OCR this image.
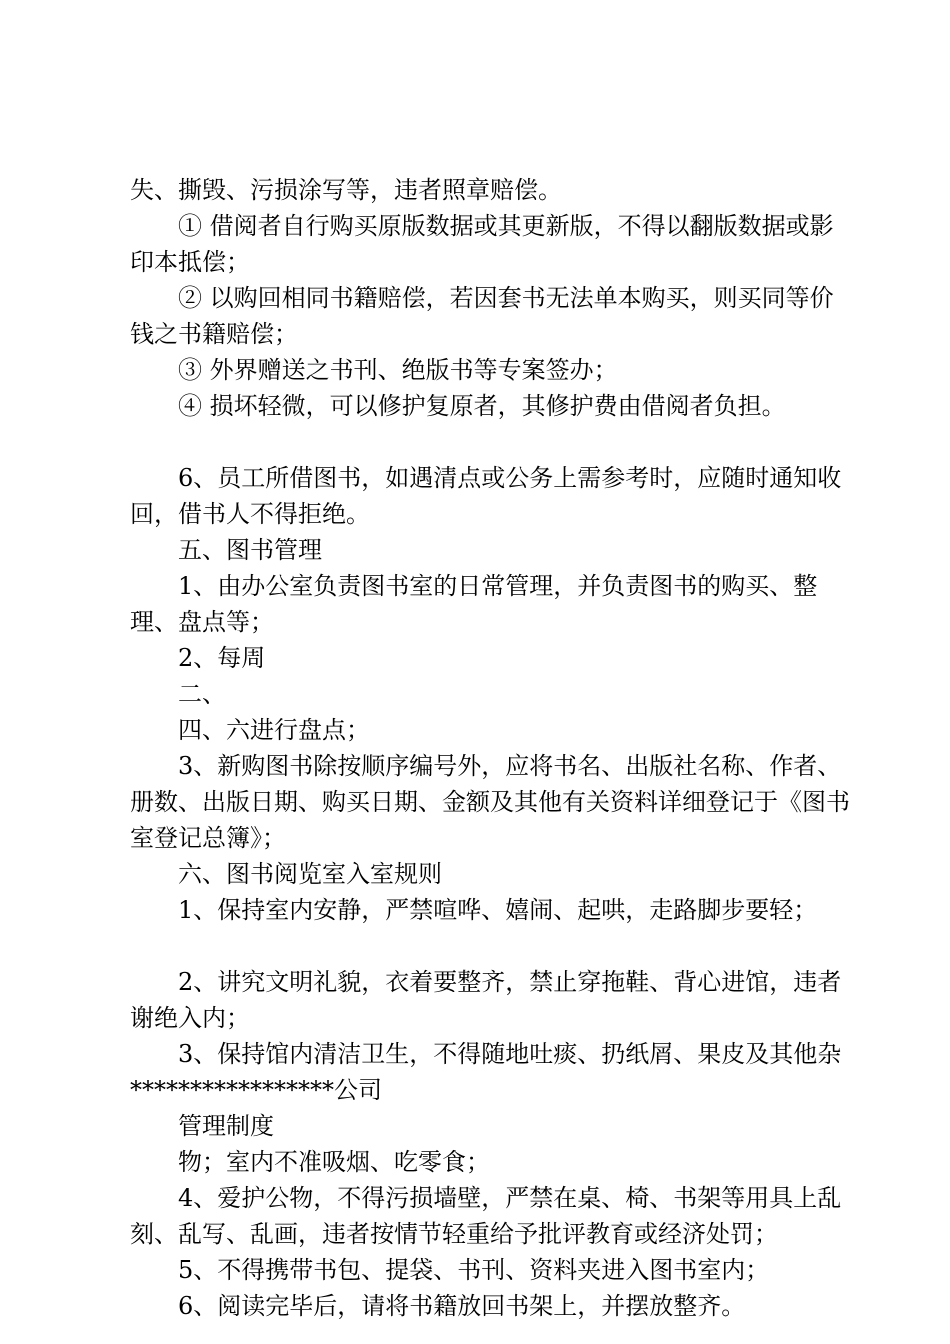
失、撕毁、污损涂写等，违者照章赔偿。

① 借阅者自行购买原版数据或其更新版，不得以翻版数据或影印本抵偿；

② 以购回相同书籍赔偿，若因套书无法单本购买，则买同等价钱之书籍赔偿；

③ 外界赠送之书刊、绝版书等专案签办；

④ 损坏轻微，可以修护复原者，其修护费由借阅者负担。

6、员工所借图书，如遇清点或公务上需参考时，应随时通知收回，借书人不得拒绝。

五、图书管理

1、由办公室负责图书室的日常管理，并负责图书的购买、整理、盘点等；

2、每周

二、

四、六进行盘点；

3、新购图书除按顺序编号外，应将书名、出版社名称、作者、册数、出版日期、购买日期、金额及其他有关资料详细登记于《图书室登记总簿》；

六、图书阅览室入室规则

1、保持室内安静，严禁喧哗、嬉闹、起哄，走路脚步要轻；

2、讲究文明礼貌，衣着要整齐，禁止穿拖鞋、背心进馆，违者谢绝入内；

3、保持馆内清洁卫生，不得随地吐痰、扔纸屑、果皮及其他杂*****************公司

管理制度

物；室内不准吸烟、吃零食；

4、爱护公物，不得污损墙壁，严禁在桌、椅、书架等用具上乱刻、乱写、乱画，违者按情节轻重给予批评教育或经济处罚；

5、不得携带书包、提袋、书刊、资料夹进入图书室内；

6、阅读完毕后，请将书籍放回书架上，并摆放整齐。
